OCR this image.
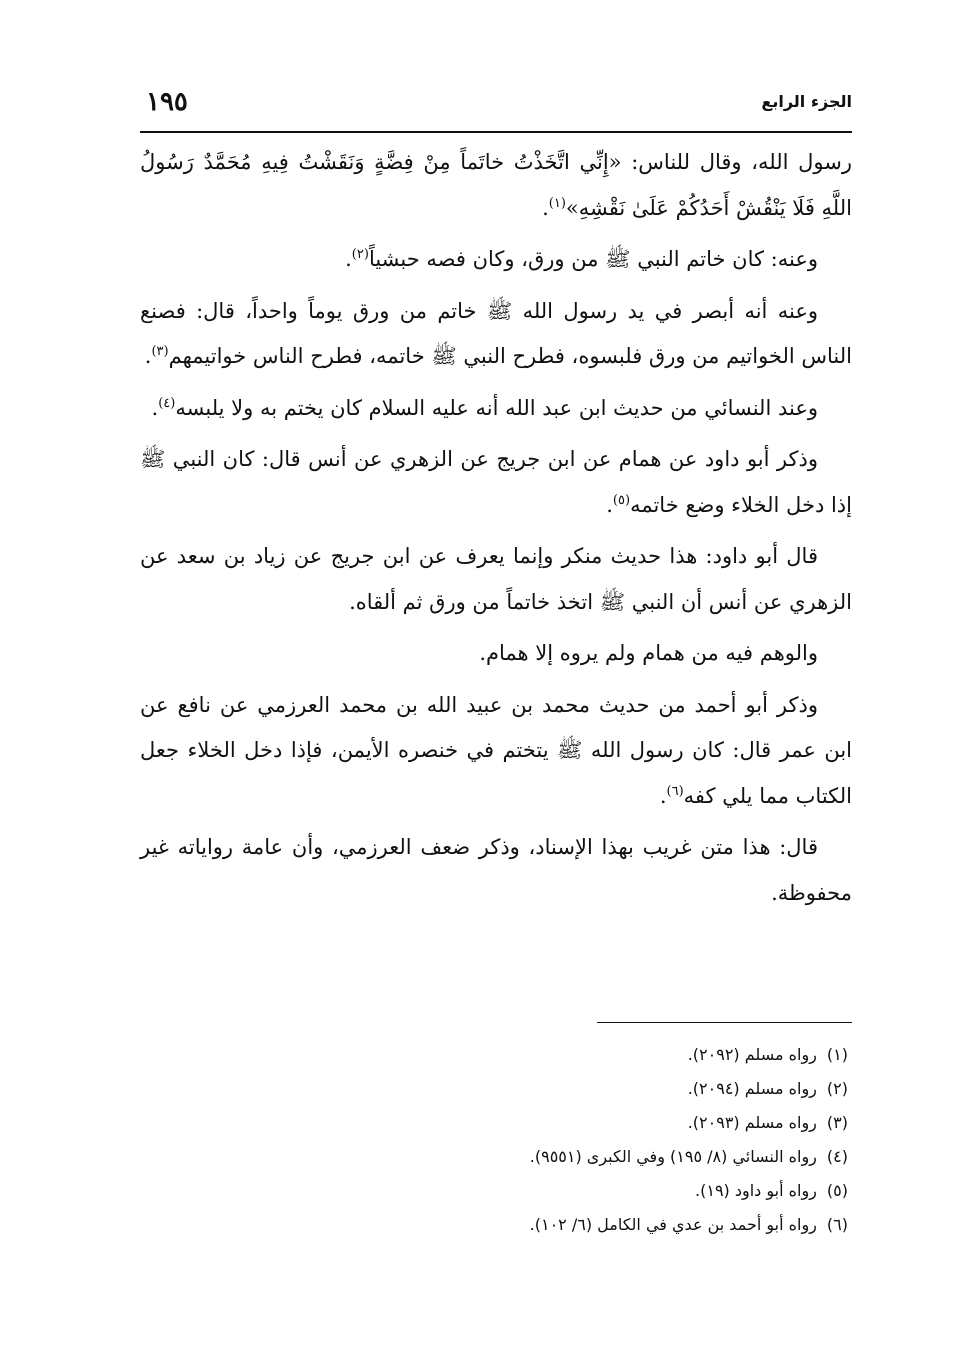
الجزء الرابع
١٩٥

رسول الله، وقال للناس: «إِنِّي اتَّخَذْتُ خاتَماً مِنْ فِضَّةٍ وَنَقَشْتُ فِيهِ مُحَمَّدٌ رَسُولُ اللَّهِ فَلَا يَنْقُشْ أَحَدُكُمْ عَلَىٰ نَقْشِهِ»$^{(١)}$.

وعنه: كان خاتم النبي ﷺ من ورق، وكان فصه حبشياً$^{(٢)}$.

وعنه أنه أبصر في يد رسول الله ﷺ خاتم من ورق يوماً واحداً، قال: فصنع الناس الخواتيم من ورق فلبسوه، فطرح النبي ﷺ خاتمه، فطرح الناس خواتيمهم$^{(٣)}$.

وعند النسائي من حديث ابن عبد الله أنه عليه السلام كان يختم به ولا يلبسه$^{(٤)}$.

وذكر أبو داود عن همام عن ابن جريج عن الزهري عن أنس قال: كان النبي ﷺ إذا دخل الخلاء وضع خاتمه$^{(٥)}$.

قال أبو داود: هذا حديث منكر وإنما يعرف عن ابن جريج عن زياد بن سعد عن الزهري عن أنس أن النبي ﷺ اتخذ خاتماً من ورق ثم ألقاه.

والوهم فيه من همام ولم يروه إلا همام.

وذكر أبو أحمد من حديث محمد بن عبيد الله بن محمد العرزمي عن نافع عن ابن عمر قال: كان رسول الله ﷺ يتختم في خنصره الأيمن، فإذا دخل الخلاء جعل الكتاب مما يلي كفه$^{(٦)}$.

قال: هذا متن غريب بهذا الإسناد، وذكر ضعف العرزمي، وأن عامة رواياته غير محفوظة.

(١)رواه مسلم (٢٠٩٢).
(٢)رواه مسلم (٢٠٩٤).
(٣)رواه مسلم (٢٠٩٣).
(٤)رواه النسائي (٨/ ١٩٥) وفي الكبرى (٩٥٥١).
(٥)رواه أبو داود (١٩).
(٦)رواه أبو أحمد بن عدي في الكامل (٦/ ١٠٢).
